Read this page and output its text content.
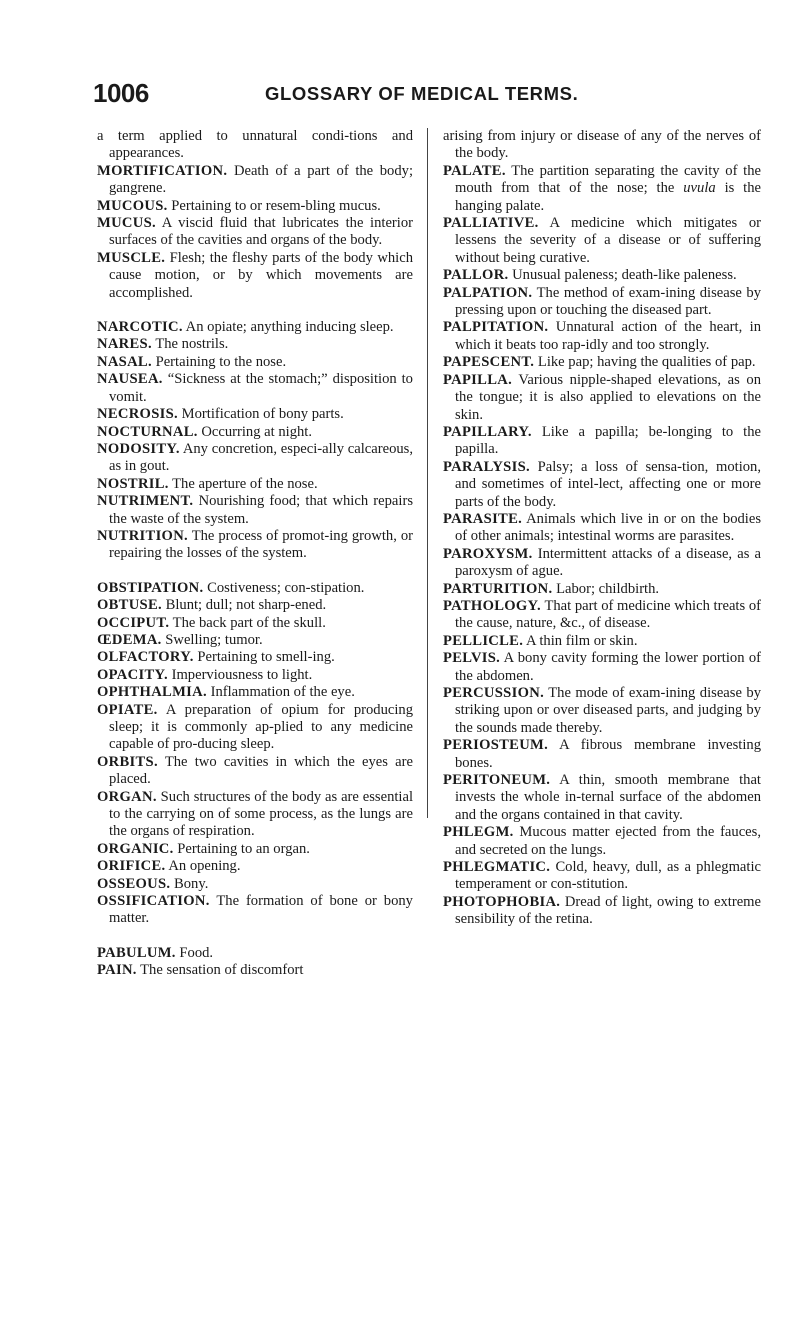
1006	GLOSSARY OF MEDICAL TERMS.

a term applied to unnatural condi-tions and appearances.

MORTIFICATION. Death of a part of the body; gangrene.

MUCOUS. Pertaining to or resem-bling mucus.

MUCUS. A viscid fluid that lubricates the interior surfaces of the cavities and organs of the body.

MUSCLE. Flesh; the fleshy parts of the body which cause motion, or by which movements are accomplished.

NARCOTIC. An opiate; anything inducing sleep.

NARES. The nostrils.

NASAL. Pertaining to the nose.

NAUSEA. “Sickness at the stomach;” disposition to vomit.

NECROSIS. Mortification of bony parts.

NOCTURNAL. Occurring at night.

NODOSITY. Any concretion, especi-ally calcareous, as in gout.

NOSTRIL. The aperture of the nose.

NUTRIMENT. Nourishing food; that which repairs the waste of the system.

NUTRITION. The process of promot-ing growth, or repairing the losses of the system.

OBSTIPATION. Costiveness; con-stipation.

OBTUSE. Blunt; dull; not sharp-ened.

OCCIPUT. The back part of the skull.

ŒDEMA. Swelling; tumor.

OLFACTORY. Pertaining to smell-ing.

OPACITY. Imperviousness to light.

OPHTHALMIA. Inflammation of the eye.

OPIATE. A preparation of opium for producing sleep; it is commonly ap-plied to any medicine capable of pro-ducing sleep.

ORBITS. The two cavities in which the eyes are placed.

ORGAN. Such structures of the body as are essential to the carrying on of some process, as the lungs are the organs of respiration.

ORGANIC. Pertaining to an organ.

ORIFICE. An opening.

OSSEOUS. Bony.

OSSIFICATION. The formation of bone or bony matter.

PABULUM. Food.

PAIN. The sensation of discomfort

arising from injury or disease of any of the nerves of the body.

PALATE. The partition separating the cavity of the mouth from that of the nose; the uvula is the hanging palate.

PALLIATIVE. A medicine which mitigates or lessens the severity of a disease or of suffering without being curative.

PALLOR. Unusual paleness; death-like paleness.

PALPATION. The method of exam-ining disease by pressing upon or touching the diseased part.

PALPITATION. Unnatural action of the heart, in which it beats too rap-idly and too strongly.

PAPESCENT. Like pap; having the qualities of pap.

PAPILLA. Various nipple-shaped elevations, as on the tongue; it is also applied to elevations on the skin.

PAPILLARY. Like a papilla; be-longing to the papilla.

PARALYSIS. Palsy; a loss of sensa-tion, motion, and sometimes of intel-lect, affecting one or more parts of the body.

PARASITE. Animals which live in or on the bodies of other animals; intestinal worms are parasites.

PAROXYSM. Intermittent attacks of a disease, as a paroxysm of ague.

PARTURITION. Labor; childbirth.

PATHOLOGY. That part of medicine which treats of the cause, nature, &c., of disease.

PELLICLE. A thin film or skin.

PELVIS. A bony cavity forming the lower portion of the abdomen.

PERCUSSION. The mode of exam-ining disease by striking upon or over diseased parts, and judging by the sounds made thereby.

PERIOSTEUM. A fibrous membrane investing bones.

PERITONEUM. A thin, smooth membrane that invests the whole in-ternal surface of the abdomen and the organs contained in that cavity.

PHLEGM. Mucous matter ejected from the fauces, and secreted on the lungs.

PHLEGMATIC. Cold, heavy, dull, as a phlegmatic temperament or con-stitution.

PHOTOPHOBIA. Dread of light, owing to extreme sensibility of the retina.
